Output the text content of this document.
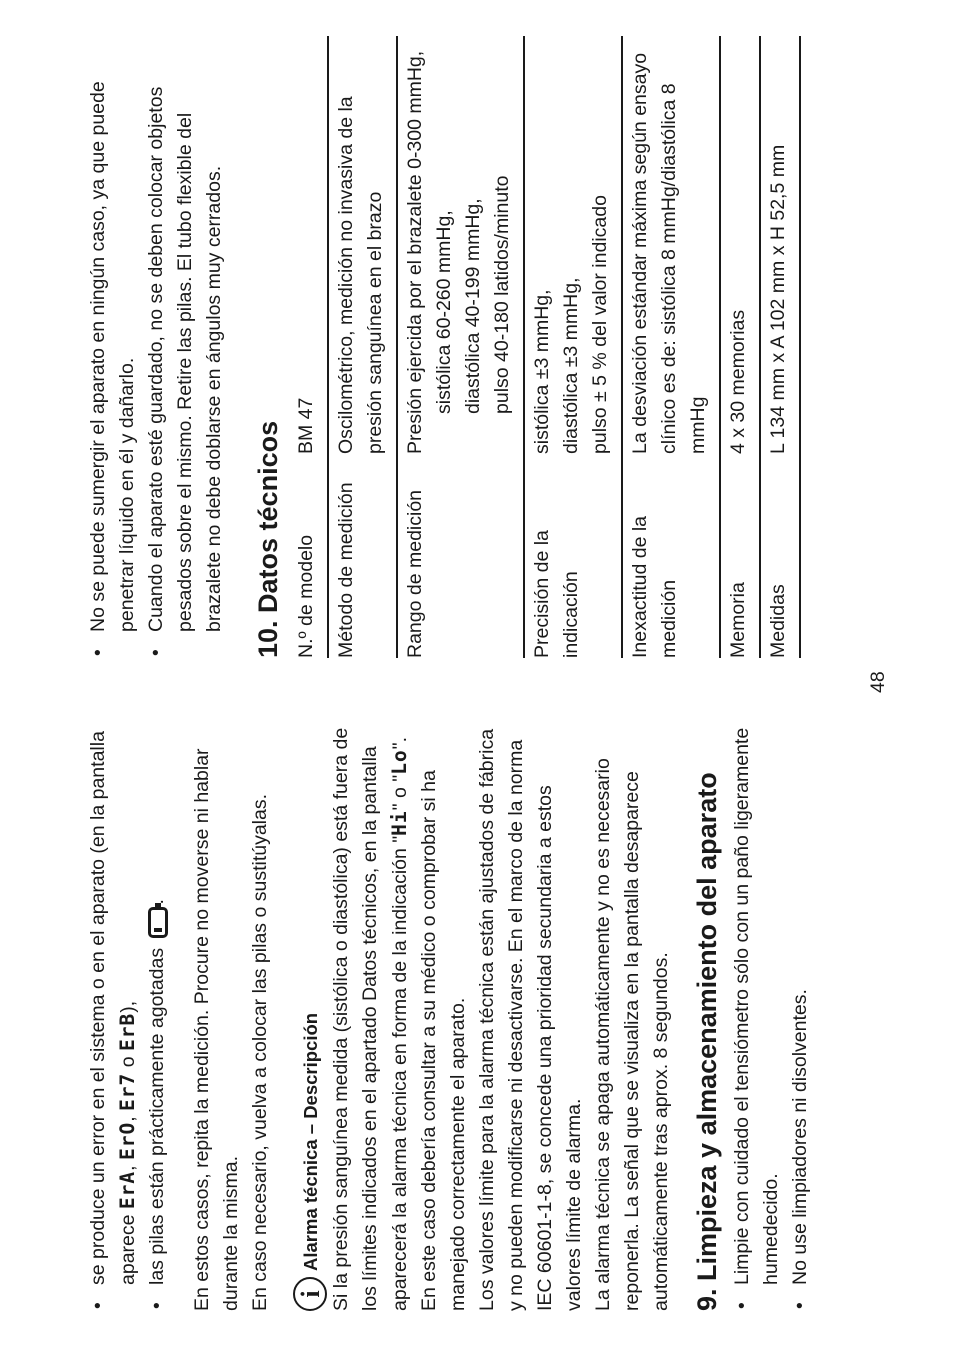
• se produce un error en el sistema o en el aparato (en la pantalla aparece ErA, ErO, Er7 o ErB), • las pilas están prácticamente agotadas . En estos casos, repita la medición. Procure no moverse ni hablar durante la misma. En caso necesario, vuelva a colocar las pilas o sustitúyalas. i
Alarma técnica – Descripción Si la presión sanguínea medida (sistólica o diastólica) está fuera de los límites indicados en el apartado Datos técnicos, en la pantalla aparecerá la alarma técnica en forma de la indicación "Hi" o "Lo". En este caso debería consultar a su médico o comprobar si ha manejado correctamente el aparato. Los valores límite para la alarma técnica están ajustados de fábrica y no pueden modificarse ni desactivarse. En el marco de la norma IEC 60601-1-8, se concede una prioridad secundaria a estos valores límite de alarma. La alarma técnica se apaga automáticamente y no es necesario reponerla. La señal que se visualiza en la pantalla desaparece automáticamente tras aprox. 8 segundos. 9. Limpieza y almacenamiento del aparato • Limpie con cuidado el tensiómetro sólo con un paño ligeramente humedecido. • No use limpiadores ni disolventes.
48
• No se puede sumergir el aparato en ningún caso, ya que puede penetrar líquido en él y dañarlo. • Cuando el aparato esté guardado, no se deben colocar objetos pesados sobre el mismo. Retire las pilas. El tubo flexible del brazalete no debe doblarse en ángulos muy cerrados. 10. Datos técnicos N.º de modelo	BM 47
Método de medición	Oscilométrico, medición no invasiva de la presión sanguínea en el brazo
Rango de medición	Presión ejercida por el brazalete 0-300 mmHg, sistólica 60-260 mmHg, diastólica 40-199 mmHg, pulso 40-180 latidos/minuto

Precisión de la indicación	sistólica ±3 mmHg, diastólica ±3 mmHg, pulso ± 5 % del valor indicado

Inexactitud de la medición	La desviación estándar máxima según ensayo clínico es de: sistólica 8 mmHg/diastólica 8 mmHg
Memoria	4 x 30 memorias
Medidas	L 134 mm x A 102 mm x H 52,5 mm
